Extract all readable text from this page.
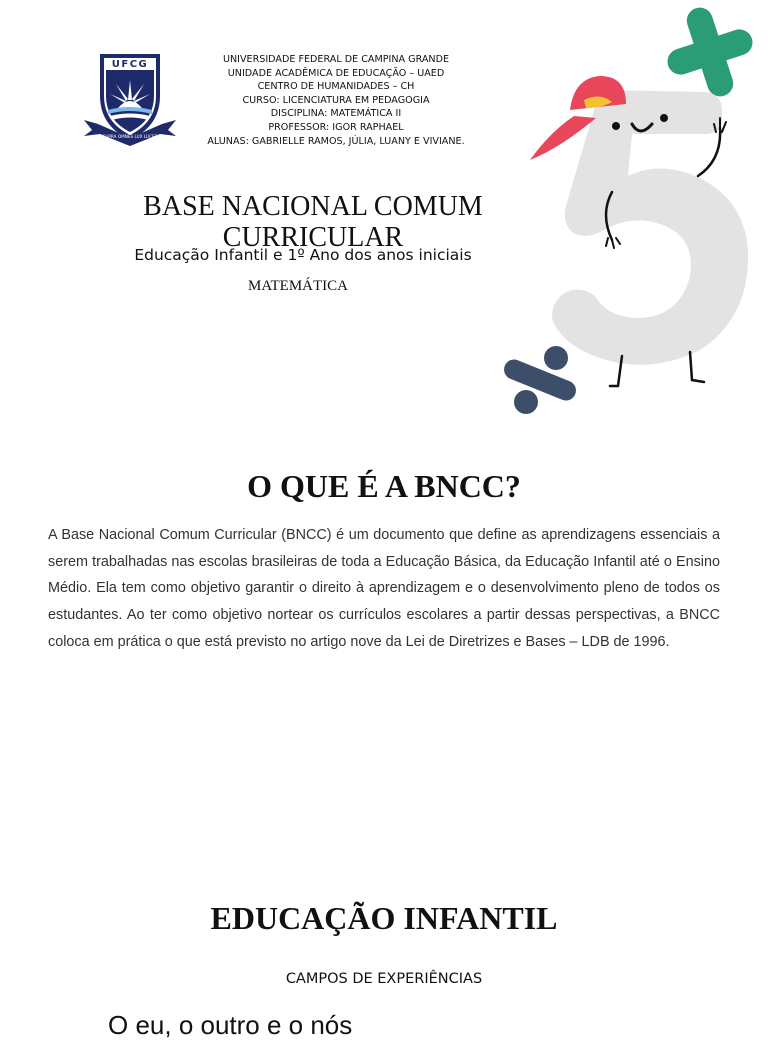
UFCG
SUPRA OMNES LUX LUCES
UNIVERSIDADE FEDERAL DE CAMPINA GRANDE
UNIDADE ACADÊMICA DE EDUCAÇÃO – UAED
CENTRO DE HUMANIDADES – CH
CURSO: LICENCIATURA EM PEDAGOGIA
DISCIPLINA: MATEMÁTICA II
PROFESSOR: IGOR RAPHAEL
ALUNAS: GABRIELLE RAMOS, JÚLIA, LUANY E VIVIANE.
BASE NACIONAL COMUM CURRICULAR
Educação Infantil e 1º Ano dos anos iniciais
MATEMÁTICA
O QUE É A BNCC?
A Base Nacional Comum Curricular (BNCC) é um documento que define as aprendizagens essenciais a serem trabalhadas nas escolas brasileiras de toda a Educação Básica, da Educação Infantil até o Ensino Médio. Ela tem como objetivo garantir o direito à aprendizagem e o desenvolvimento pleno de todos os estudantes. Ao ter como objetivo nortear os currículos escolares a partir dessas perspectivas, a BNCC coloca em prática o que está previsto no artigo nove da Lei de Diretrizes e Bases – LDB de 1996.
EDUCAÇÃO INFANTIL
CAMPOS DE EXPERIÊNCIAS
O eu, o outro e o nós
